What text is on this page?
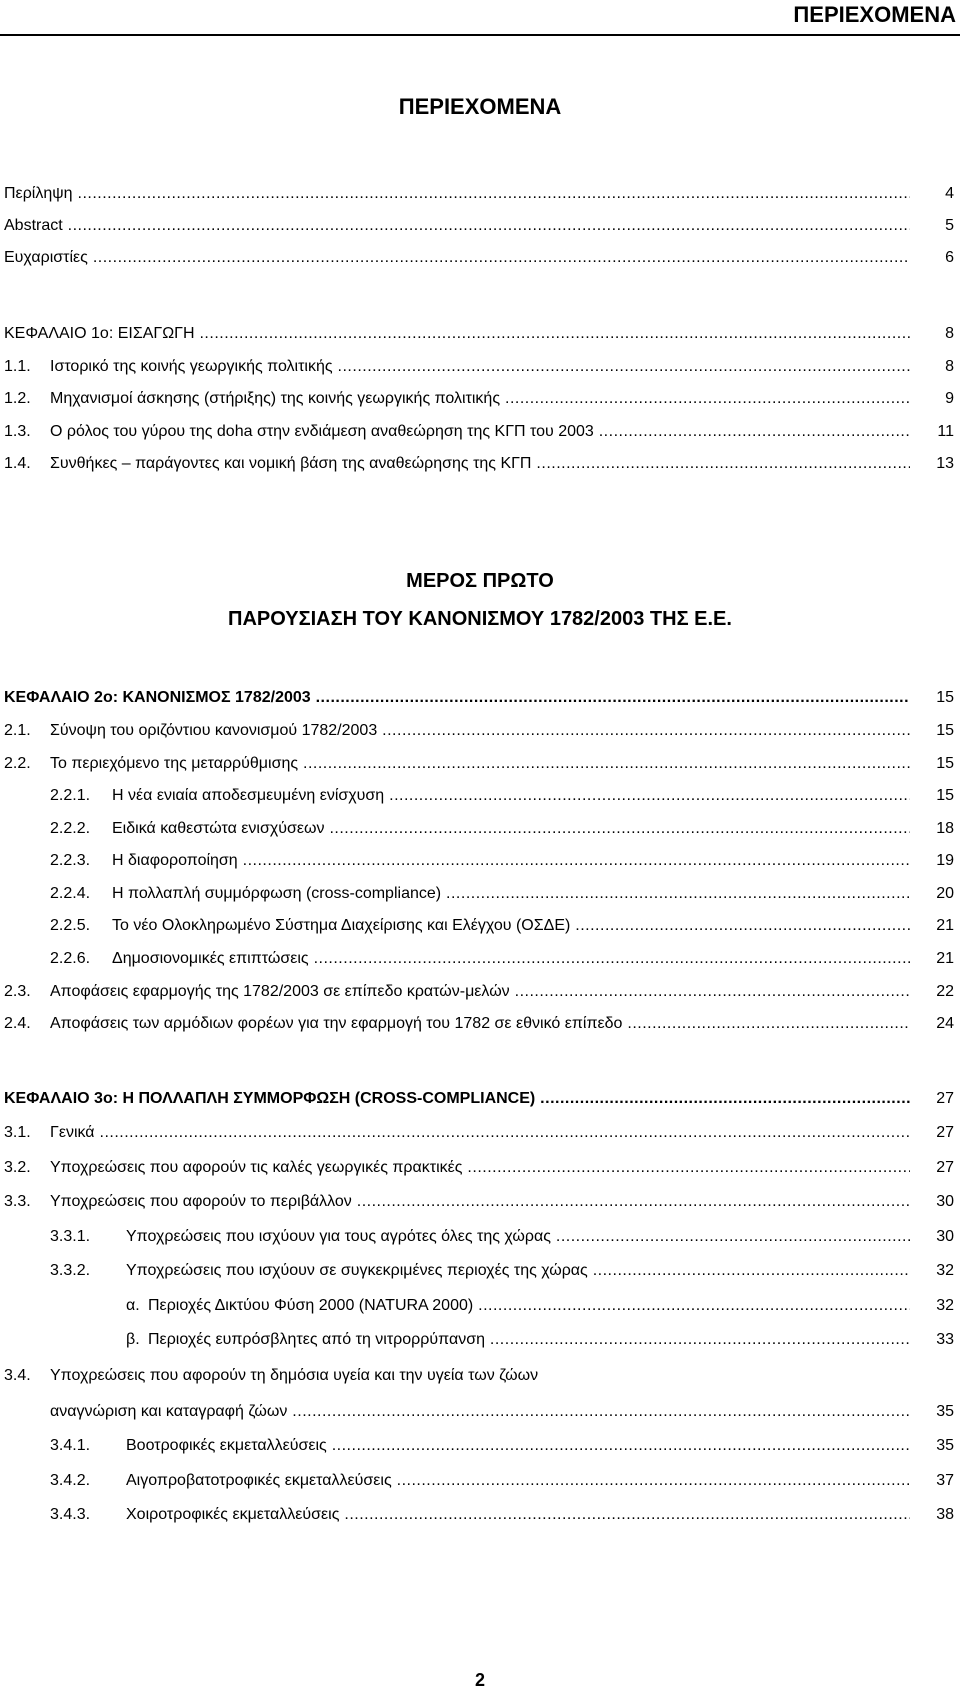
ΠΕΡΙΕΧΟΜΕΝΑ
ΠΕΡΙΕΧΟΜΕΝΑ
Περίληψη .....	4
Abstract .....	5
Ευχαριστίες .....	6
ΚΕΦΑΛΑΙΟ 1ο: ΕΙΣΑΓΩΓΗ .....	8
1.1. Ιστορικό της κοινής γεωργικής πολιτικής .....	8
1.2. Μηχανισμοί άσκησης (στήριξης) της κοινής γεωργικής πολιτικής .....	9
1.3. Ο ρόλος του γύρου της doha στην ενδιάμεση αναθεώρηση της ΚΓΠ του 2003 .....	11
1.4. Συνθήκες – παράγοντες και νομική βάση της αναθεώρησης της ΚΓΠ .....	13
ΜΕΡΟΣ ΠΡΩΤΟ
ΠΑΡΟΥΣΙΑΣΗ ΤΟΥ ΚΑΝΟΝΙΣΜΟΥ 1782/2003 ΤΗΣ Ε.Ε.
ΚΕΦΑΛΑΙΟ 2ο: ΚΑΝΟΝΙΣΜΟΣ 1782/2003 .....	15
2.1. Σύνοψη του οριζόντιου κανονισμού 1782/2003 .....	15
2.2. Το περιεχόμενο της μεταρρύθμισης .....	15
2.2.1. Η νέα ενιαία αποδεσμευμένη ενίσχυση .....	15
2.2.2. Ειδικά καθεστώτα ενισχύσεων .....	18
2.2.3. Η διαφοροποίηση .....	19
2.2.4. Η πολλαπλή συμμόρφωση (cross-compliance) .....	20
2.2.5. Το νέο Ολοκληρωμένο Σύστημα Διαχείρισης και Ελέγχου (ΟΣΔΕ) .....	21
2.2.6. Δημοσιονομικές επιπτώσεις .....	21
2.3. Αποφάσεις εφαρμογής της 1782/2003 σε επίπεδο κρατών-μελών .....	22
2.4. Αποφάσεις των αρμόδιων φορέων για την εφαρμογή του 1782 σε εθνικό επίπεδο .....	24
ΚΕΦΑΛΑΙΟ 3ο: Η ΠΟΛΛΑΠΛΗ ΣΥΜΜΟΡΦΩΣΗ (CROSS-COMPLIANCE) .....	27
3.1. Γενικά .....	27
3.2. Υποχρεώσεις που αφορούν τις καλές γεωργικές πρακτικές .....	27
3.3. Υποχρεώσεις που αφορούν το περιβάλλον .....	30
3.3.1. Υποχρεώσεις που ισχύουν για τους αγρότες όλες της χώρας .....	30
3.3.2. Υποχρεώσεις που ισχύουν σε συγκεκριμένες περιοχές της χώρας .....	32
α. Περιοχές Δικτύου Φύση 2000 (NATURA 2000) .....	32
β. Περιοχές ευπρόσβλητες από τη νιτρορρύπανση .....	33
3.4. Υποχρεώσεις που αφορούν τη δημόσια υγεία και την υγεία των ζώων
αναγνώριση και καταγραφή ζώων .....	35
3.4.1. Βοοτροφικές εκμεταλλεύσεις .....	35
3.4.2. Αιγοπροβατοτροφικές εκμεταλλεύσεις .....	37
3.4.3. Χοιροτροφικές εκμεταλλεύσεις .....	38
2
